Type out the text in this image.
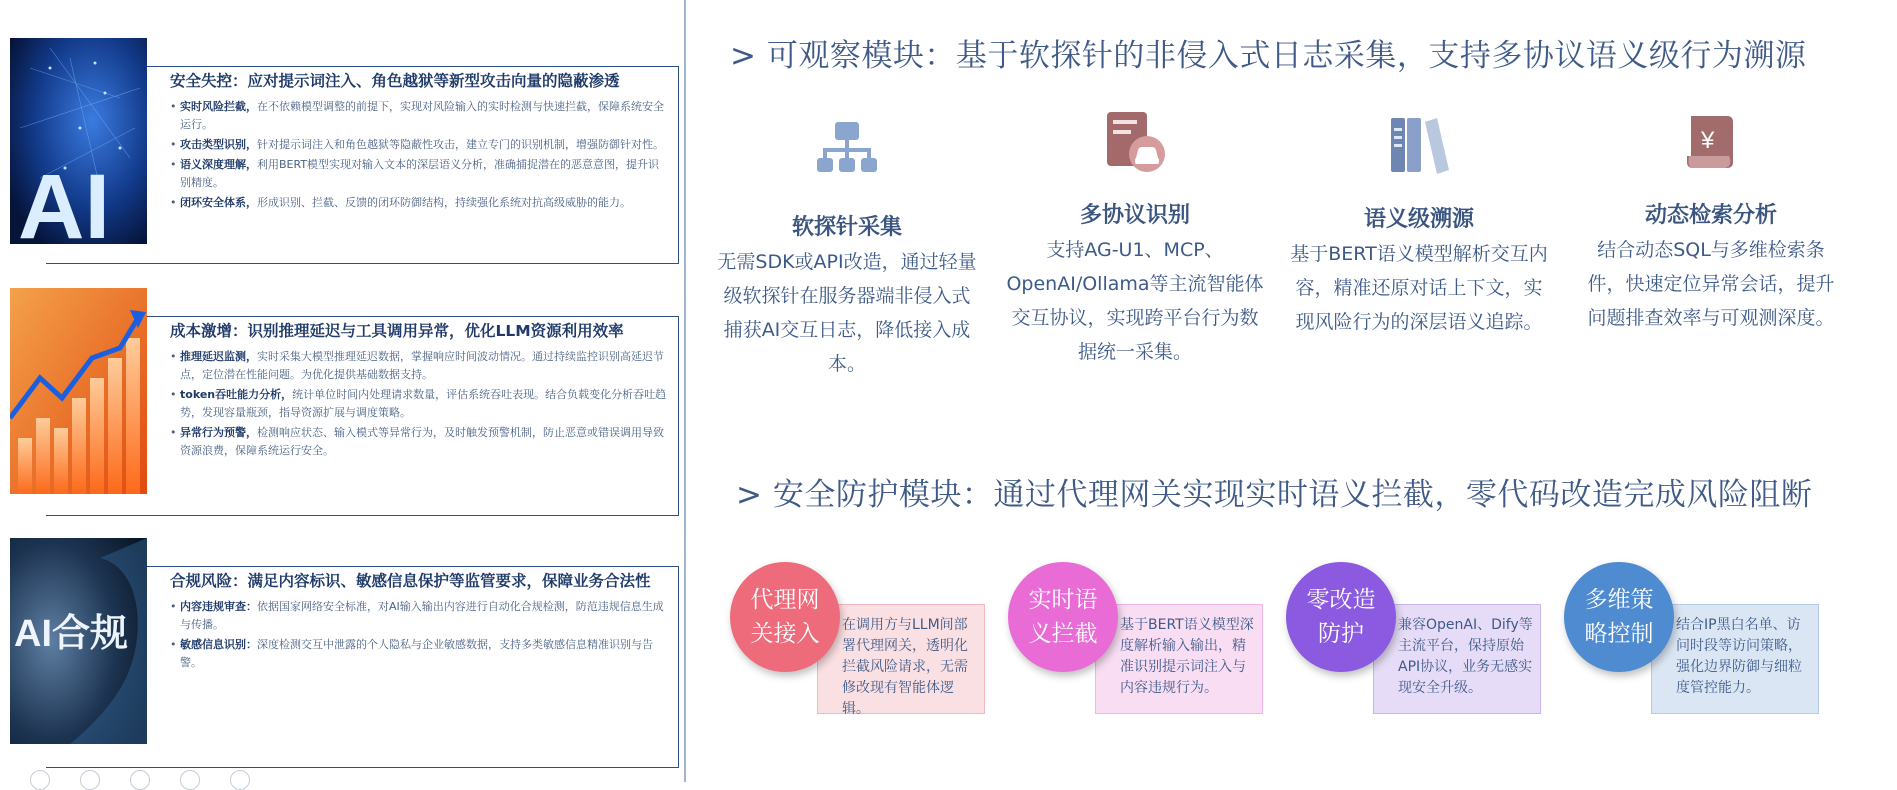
AI
安全失控：应对提示词注入、角色越狱等新型攻击向量的隐蔽渗透
• 实时风险拦截，在不依赖模型调整的前提下，实现对风险输入的实时检测与快速拦截，保障系统安全运行。
• 攻击类型识别，针对提示词注入和角色越狱等隐蔽性攻击，建立专门的识别机制，增强防御针对性。
• 语义深度理解，利用BERT模型实现对输入文本的深层语义分析，准确捕捉潜在的恶意意图，提升识别精度。
• 闭环安全体系，形成识别、拦截、反馈的闭环防御结构，持续强化系统对抗高级威胁的能力。
成本激增：识别推理延迟与工具调用异常，优化LLM资源利用效率
• 推理延迟监测，实时采集大模型推理延迟数据，掌握响应时间波动情况。通过持续监控识别高延迟节点，定位潜在性能问题。为优化提供基础数据支持。
• token吞吐能力分析，统计单位时间内处理请求数量，评估系统吞吐表现。结合负载变化分析吞吐趋势，发现容量瓶颈，指导资源扩展与调度策略。
• 异常行为预警，检测响应状态、输入模式等异常行为，及时触发预警机制，防止恶意或错误调用导致资源浪费，保障系统运行安全。
AI合规
合规风险：满足内容标识、敏感信息保护等监管要求，保障业务合法性
• 内容违规审查：依据国家网络安全标准，对AI输入输出内容进行自动化合规检测，防范违规信息生成与传播。
• 敏感信息识别：深度检测交互中泄露的个人隐私与企业敏感数据，支持多类敏感信息精准识别与告警。
> 可观察模块：基于软探针的非侵入式日志采集，支持多协议语义级行为溯源
软探针采集

无需SDK或API改造，通过轻量级软探针在服务器端非侵入式捕获AI交互日志，降低接入成本。

多协议识别

支持AG-U1、MCP、OpenAI/Ollama等主流智能体交互协议，实现跨平台行为数据统一采集。

语义级溯源

基于BERT语义模型解析交互内容，精准还原对话上下文，实现风险行为的深层语义追踪。

¥
动态检索分析

结合动态SQL与多维检索条件，快速定位异常会话，提升问题排查效率与可观测深度。

> 安全防护模块：通过代理网关实现实时语义拦截，零代码改造完成风险阻断
在调用方与LLM间部署代理网关，透明化拦截风险请求，无需修改现有智能体逻辑。
代理网
关接入	基于BERT语义模型深度解析输入输出，精准识别提示词注入与内容违规行为。
实时语
义拦截	兼容OpenAI、Dify等主流平台，保持原始API协议，业务无感实现安全升级。
零改造
防护	结合IP黑白名单、访问时段等访问策略，强化边界防御与细粒度管控能力。
多维策
略控制
